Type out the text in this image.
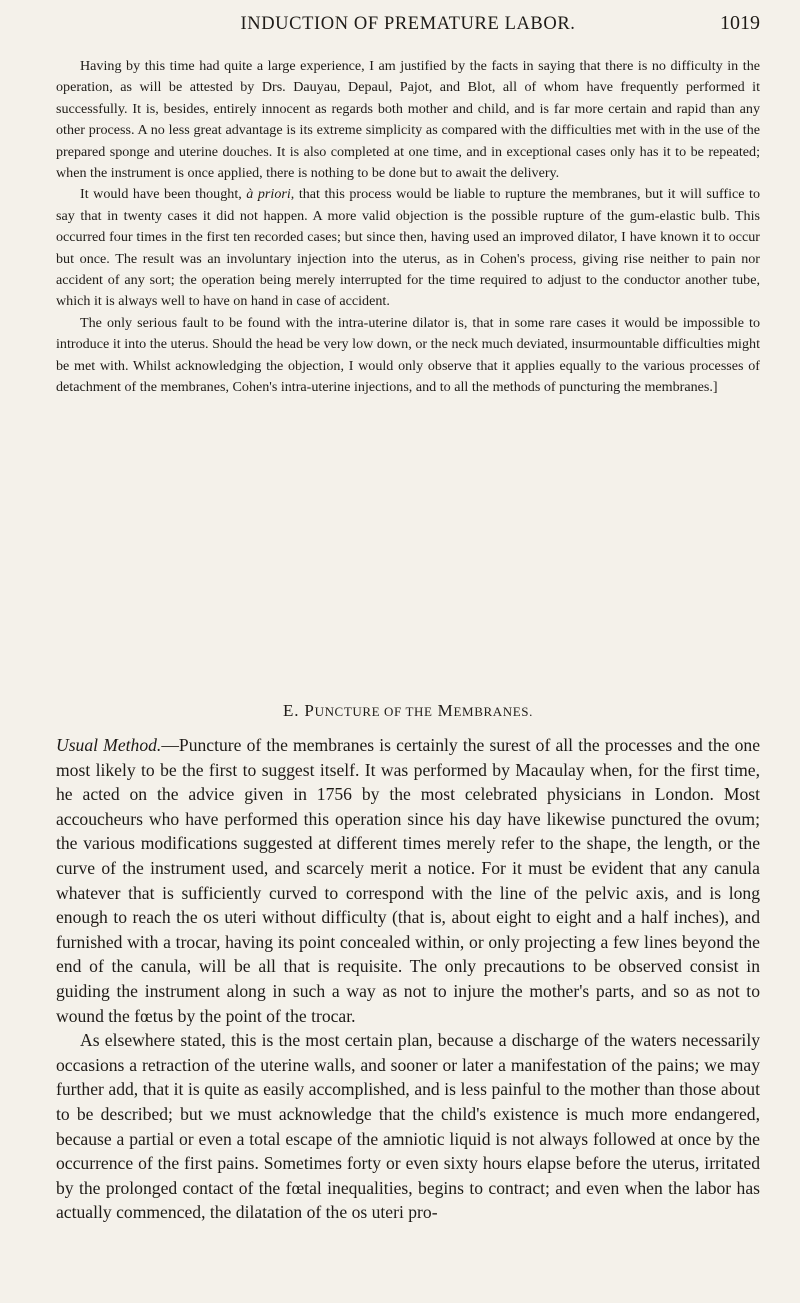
INDUCTION OF PREMATURE LABOR.	1019

Having by this time had quite a large experience, I am justified by the facts in saying that there is no difficulty in the operation, as will be attested by Drs. Dauyau, Depaul, Pajot, and Blot, all of whom have frequently performed it successfully. It is, besides, entirely innocent as regards both mother and child, and is far more certain and rapid than any other process. A no less great advantage is its extreme simplicity as compared with the difficulties met with in the use of the prepared sponge and uterine douches. It is also completed at one time, and in exceptional cases only has it to be repeated; when the instrument is once applied, there is nothing to be done but to await the delivery.

It would have been thought, à priori, that this process would be liable to rupture the membranes, but it will suffice to say that in twenty cases it did not happen. A more valid objection is the possible rupture of the gum-elastic bulb. This occurred four times in the first ten recorded cases; but since then, having used an improved dilator, I have known it to occur but once. The result was an involuntary injection into the uterus, as in Cohen's process, giving rise neither to pain nor accident of any sort; the operation being merely interrupted for the time required to adjust to the conductor another tube, which it is always well to have on hand in case of accident.

The only serious fault to be found with the intra-uterine dilator is, that in some rare cases it would be impossible to introduce it into the uterus. Should the head be very low down, or the neck much deviated, insurmountable difficulties might be met with. Whilst acknowledging the objection, I would only observe that it applies equally to the various processes of detachment of the membranes, Cohen's intra-uterine injections, and to all the methods of puncturing the membranes.]

E. PUNCTURE OF THE MEMBRANES.

Usual Method.—Puncture of the membranes is certainly the surest of all the processes and the one most likely to be the first to suggest itself. It was performed by Macaulay when, for the first time, he acted on the advice given in 1756 by the most celebrated physicians in London. Most accoucheurs who have performed this operation since his day have likewise punctured the ovum; the various modifications suggested at different times merely refer to the shape, the length, or the curve of the instrument used, and scarcely merit a notice. For it must be evident that any canula whatever that is sufficiently curved to correspond with the line of the pelvic axis, and is long enough to reach the os uteri without difficulty (that is, about eight to eight and a half inches), and furnished with a trocar, having its point concealed within, or only projecting a few lines beyond the end of the canula, will be all that is requisite. The only precautions to be observed consist in guiding the instrument along in such a way as not to injure the mother's parts, and so as not to wound the fœtus by the point of the trocar.

As elsewhere stated, this is the most certain plan, because a discharge of the waters necessarily occasions a retraction of the uterine walls, and sooner or later a manifestation of the pains; we may further add, that it is quite as easily accomplished, and is less painful to the mother than those about to be described; but we must acknowledge that the child's existence is much more endangered, because a partial or even a total escape of the amniotic liquid is not always followed at once by the occurrence of the first pains. Sometimes forty or even sixty hours elapse before the uterus, irritated by the prolonged contact of the fœtal inequalities, begins to contract; and even when the labor has actually commenced, the dilatation of the os uteri pro-
